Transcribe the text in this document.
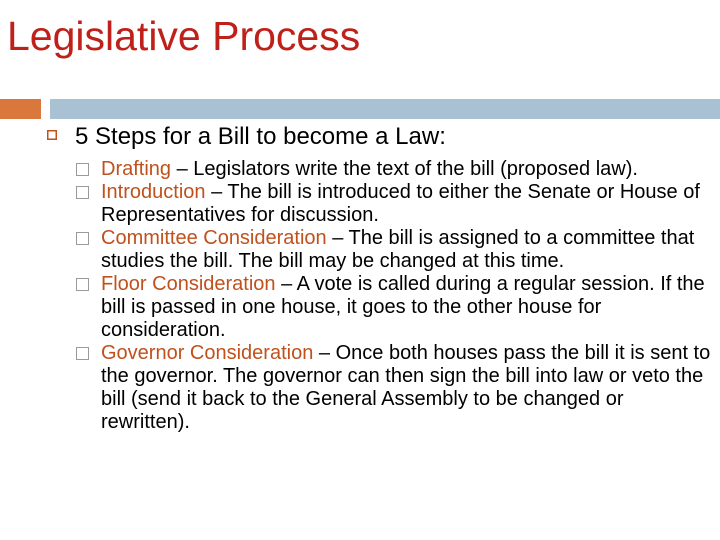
Legislative Process
5 Steps for a Bill to become a Law:
Drafting – Legislators write the text of the bill (proposed law).
Introduction – The bill is introduced to either the Senate or House of Representatives for discussion.
Committee Consideration – The bill is assigned to a committee that studies the bill. The bill may be changed at this time.
Floor Consideration – A vote is called during a regular session. If the bill is passed in one house, it goes to the other house for consideration.
Governor Consideration – Once both houses pass the bill it is sent to the governor. The governor can then sign the bill into law or veto the bill (send it back to the General Assembly to be changed or rewritten).
